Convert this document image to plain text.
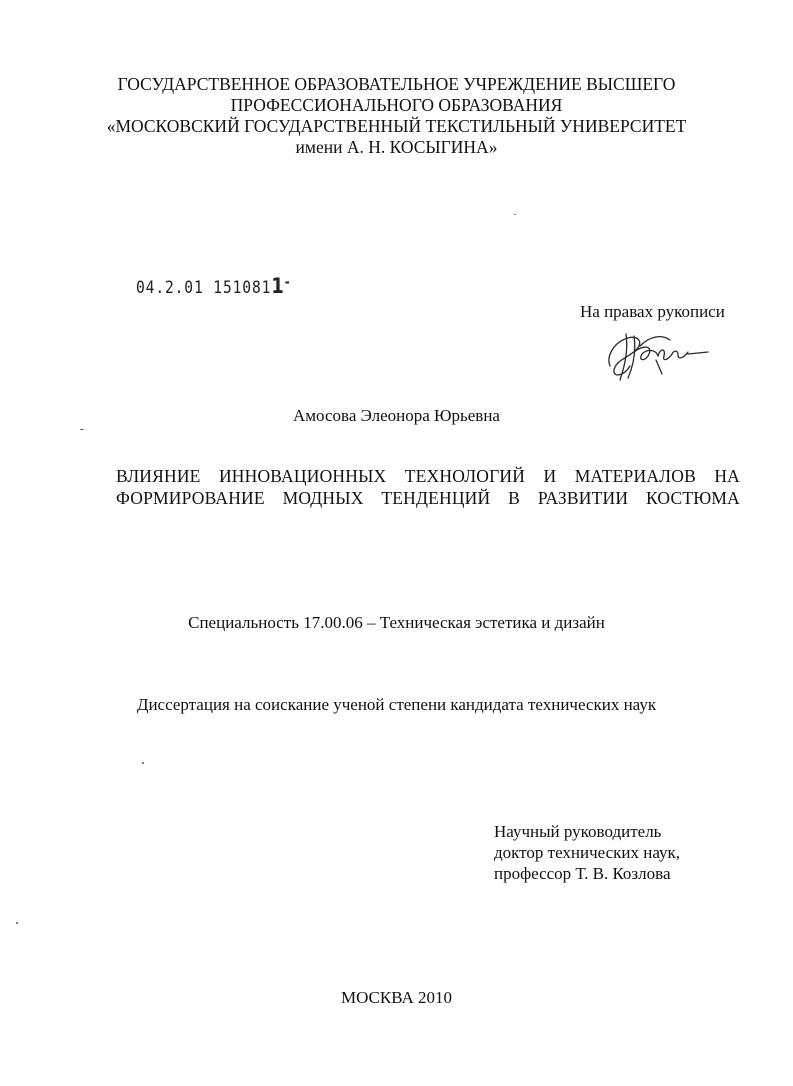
ГОСУДАРСТВЕННОЕ ОБРАЗОВАТЕЛЬНОЕ УЧРЕЖДЕНИЕ ВЫСШЕГО
ПРОФЕССИОНАЛЬНОГО ОБРАЗОВАНИЯ
«МОСКОВСКИЙ ГОСУДАРСТВЕННЫЙ ТЕКСТИЛЬНЫЙ УНИВЕРСИТЕТ
имени А. Н. КОСЫГИНА»
04.2.01 1510811-
На правах рукописи
Амосова Элеонора Юрьевна
ВЛИЯНИЕ ИННОВАЦИОННЫХ ТЕХНОЛОГИЙ И МАТЕРИАЛОВ НА
ФОРМИРОВАНИЕ МОДНЫХ ТЕНДЕНЦИЙ В РАЗВИТИИ КОСТЮМА
Специальность 17.00.06 – Техническая эстетика и дизайн
Диссертация на соискание ученой степени кандидата технических наук
Научный руководитель
доктор технических наук,
профессор Т. В. Козлова
МОСКВА 2010
